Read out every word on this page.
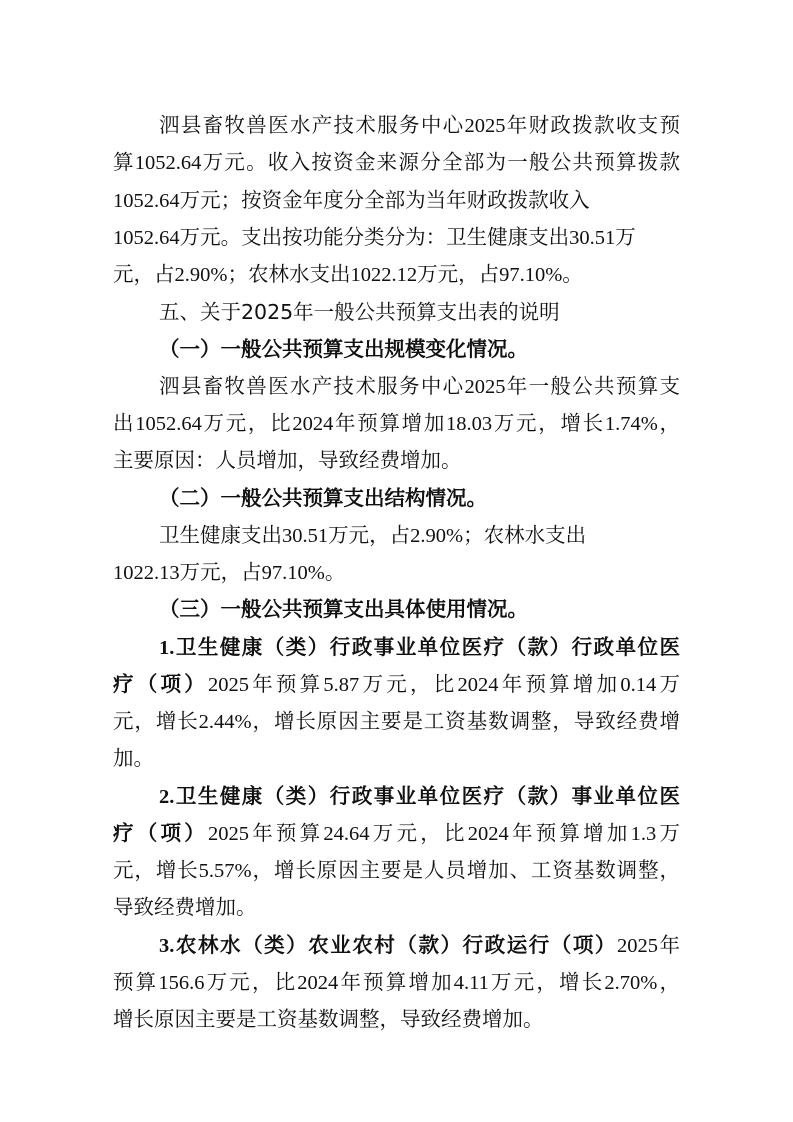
泗县畜牧兽医水产技术服务中心2025年财政拨款收支预
算1052.64万元。收入按资金来源分全部为一般公共预算拨款
1052.64万元；按资金年度分全部为当年财政拨款收入
1052.64万元。支出按功能分类分为：卫生健康支出30.51万
元，占2.90%；农林水支出1022.12万元，占97.10%。
五、关于2025年一般公共预算支出表的说明
（一）一般公共预算支出规模变化情况。
泗县畜牧兽医水产技术服务中心2025年一般公共预算支
出1052.64万元，比2024年预算增加18.03万元，增长1.74%，
主要原因：人员增加，导致经费增加。
（二）一般公共预算支出结构情况。
卫生健康支出30.51万元，占2.90%；农林水支出
1022.13万元，占97.10%。
（三）一般公共预算支出具体使用情况。
1.卫生健康（类）行政事业单位医疗（款）行政单位医
疗（项）2025年预算5.87万元，比2024年预算增加0.14万
元，增长2.44%，增长原因主要是工资基数调整，导致经费增
加。
2.卫生健康（类）行政事业单位医疗（款）事业单位医
疗（项）2025年预算24.64万元，比2024年预算增加1.3万
元，增长5.57%，增长原因主要是人员增加、工资基数调整，
导致经费增加。
3.农林水（类）农业农村（款）行政运行（项）2025年
预算156.6万元，比2024年预算增加4.11万元，增长2.70%，
增长原因主要是工资基数调整，导致经费增加。
